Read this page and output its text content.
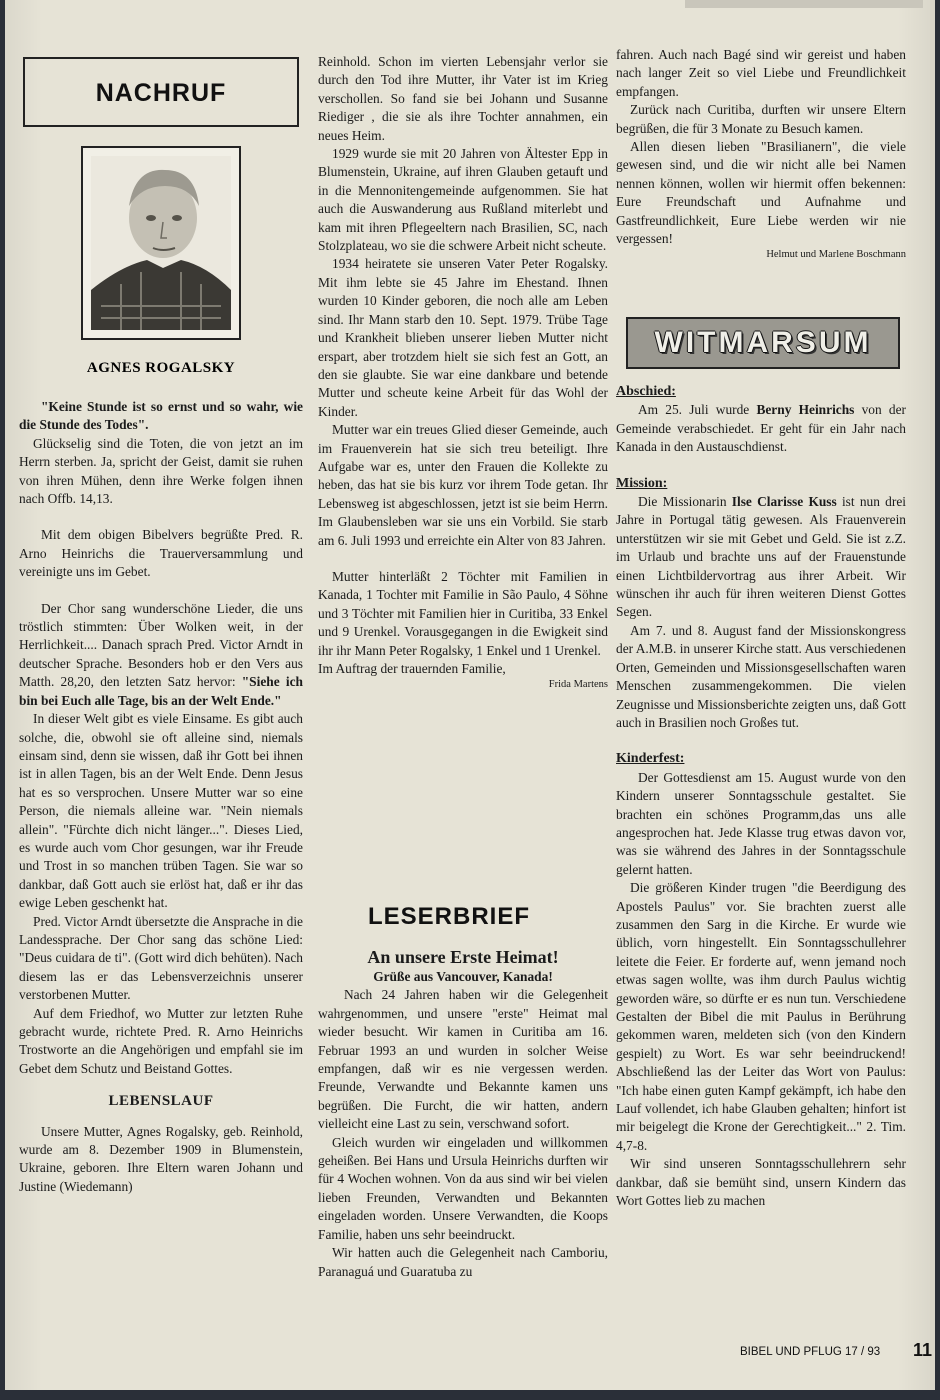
NACHRUF
AGNES ROGALSKY

"Keine Stunde ist so ernst und so wahr, wie die Stunde des Todes".

Glückselig sind die Toten, die von jetzt an im Herrn sterben. Ja, spricht der Geist, damit sie ruhen von ihren Mühen, denn ihre Werke folgen ihnen nach Offb. 14,13.

Mit dem obigen Bibelvers begrüßte Pred. R. Arno Heinrichs die Trauerversammlung und vereinigte uns im Gebet.

Der Chor sang wunderschöne Lieder, die uns tröstlich stimmten: Über Wolken weit, in der Herrlichkeit.... Danach sprach Pred. Victor Arndt in deutscher Sprache. Besonders hob er den Vers aus Matth. 28,20, den letzten Satz hervor: "Siehe ich bin bei Euch alle Tage, bis an der Welt Ende."

In dieser Welt gibt es viele Einsame. Es gibt auch solche, die, obwohl sie oft alleine sind, niemals einsam sind, denn sie wissen, daß ihr Gott bei ihnen ist in allen Tagen, bis an der Welt Ende. Denn Jesus hat es so versprochen. Unsere Mutter war so eine Person, die niemals alleine war. "Nein niemals allein". "Fürchte dich nicht länger...". Dieses Lied, es wurde auch vom Chor gesungen, war ihr Freude und Trost in so manchen trüben Tagen. Sie war so dankbar, daß Gott auch sie erlöst hat, daß er ihr das ewige Leben geschenkt hat.

Pred. Victor Arndt übersetzte die Ansprache in die Landessprache. Der Chor sang das schöne Lied: "Deus cuidara de ti". (Gott wird dich behüten). Nach diesem las er das Lebensverzeichnis unserer verstorbenen Mutter.

Auf dem Friedhof, wo Mutter zur letzten Ruhe gebracht wurde, richtete Pred. R. Arno Heinrichs Trostworte an die Angehörigen und empfahl sie im Gebet dem Schutz und Beistand Gottes.

LEBENSLAUF

Unsere Mutter, Agnes Rogalsky, geb. Reinhold, wurde am 8. Dezember 1909 in Blumenstein, Ukraine, geboren. Ihre Eltern waren Johann und Justine (Wiedemann)

Reinhold. Schon im vierten Lebensjahr verlor sie durch den Tod ihre Mutter, ihr Vater ist im Krieg verschollen. So fand sie bei Johann und Susanne Riediger , die sie als ihre Tochter annahmen, ein neues Heim.

1929 wurde sie mit 20 Jahren von Ältester Epp in Blumenstein, Ukraine, auf ihren Glauben getauft und in die Mennonitengemeinde aufgenommen. Sie hat auch die Auswanderung aus Rußland miterlebt und kam mit ihren Pflegeeltern nach Brasilien, SC, nach Stolzplateau, wo sie die schwere Arbeit nicht scheute.

1934 heiratete sie unseren Vater Peter Rogalsky. Mit ihm lebte sie 45 Jahre im Ehestand. Ihnen wurden 10 Kinder geboren, die noch alle am Leben sind. Ihr Mann starb den 10. Sept. 1979. Trübe Tage und Krankheit blieben unserer lieben Mutter nicht erspart, aber trotzdem hielt sie sich fest an Gott, an den sie glaubte. Sie war eine dankbare und betende Mutter und scheute keine Arbeit für das Wohl der Kinder.

Mutter war ein treues Glied dieser Gemeinde, auch im Frauenverein hat sie sich treu beteiligt. Ihre Aufgabe war es, unter den Frauen die Kollekte zu heben, das hat sie bis kurz vor ihrem Tode getan. Ihr Lebensweg ist abgeschlossen, jetzt ist sie beim Herrn. Im Glaubensleben war sie uns ein Vorbild. Sie starb am 6. Juli 1993 und erreichte ein Alter von 83 Jahren.

Mutter hinterläßt 2 Töchter mit Familien in Kanada, 1 Tochter mit Familie in São Paulo, 4 Söhne und 3 Töchter mit Familien hier in Curitiba, 33 Enkel und 9 Urenkel. Vorausgegangen in die Ewigkeit sind ihr ihr Mann Peter Rogalsky, 1 Enkel und 1 Urenkel.

Im Auftrag der trauernden Familie,

Frida Martens

LESERBRIEF

An unsere Erste Heimat!

Grüße aus Vancouver, Kanada!

Nach 24 Jahren haben wir die Gelegenheit wahrgenommen, und unsere "erste" Heimat mal wieder besucht. Wir kamen in Curitiba am 16. Februar 1993 an und wurden in solcher Weise empfangen, daß wir es nie vergessen werden. Freunde, Verwandte und Bekannte kamen uns begrüßen. Die Furcht, die wir hatten, andern vielleicht eine Last zu sein, verschwand sofort.

Gleich wurden wir eingeladen und willkommen geheißen. Bei Hans und Ursula Heinrichs durften wir für 4 Wochen wohnen. Von da aus sind wir bei vielen lieben Freunden, Verwandten und Bekannten eingeladen worden. Unsere Verwandten, die Koops Familie, haben uns sehr beeindruckt.

Wir hatten auch die Gelegenheit nach Camboriu, Paranaguá und Guaratuba zu

fahren. Auch nach Bagé sind wir gereist und haben nach langer Zeit so viel Liebe und Freundlichkeit empfangen.

Zurück nach Curitiba, durften wir unsere Eltern begrüßen, die für 3 Monate zu Besuch kamen.

Allen diesen lieben "Brasilianern", die viele gewesen sind, und die wir nicht alle bei Namen nennen können, wollen wir hiermit offen bekennen: Eure Freundschaft und Aufnahme und Gastfreundlichkeit, Eure Liebe werden wir nie vergessen!

Helmut und Marlene Boschmann

WITMARSUM

Abschied:

Am 25. Juli wurde Berny Heinrichs von der Gemeinde verabschiedet. Er geht für ein Jahr nach Kanada in den Austauschdienst.

Mission:

Die Missionarin Ilse Clarisse Kuss ist nun drei Jahre in Portugal tätig gewesen. Als Frauenverein unterstützen wir sie mit Gebet und Geld. Sie ist z.Z. im Urlaub und brachte uns auf der Frauenstunde einen Lichtbildervortrag aus ihrer Arbeit. Wir wünschen ihr auch für ihren weiteren Dienst Gottes Segen.

Am 7. und 8. August fand der Missionskongress der A.M.B. in unserer Kirche statt. Aus verschiedenen Orten, Gemeinden und Missionsgesellschaften waren Menschen zusammengekommen. Die vielen Zeugnisse und Missionsberichte zeigten uns, daß Gott auch in Brasilien noch Großes tut.

Kinderfest:

Der Gottesdienst am 15. August wurde von den Kindern unserer Sonntagsschule gestaltet. Sie brachten ein schönes Programm,das uns alle angesprochen hat. Jede Klasse trug etwas davon vor, was sie während des Jahres in der Sonntagsschule gelernt hatten.

Die größeren Kinder trugen "die Beerdigung des Apostels Paulus" vor. Sie brachten zuerst alle zusammen den Sarg in die Kirche. Er wurde wie üblich, vorn hingestellt. Ein Sonntagsschullehrer leitete die Feier. Er forderte auf, wenn jemand noch etwas sagen wollte, was ihm durch Paulus wichtig geworden wäre, so dürfte er es nun tun. Verschiedene Gestalten der Bibel die mit Paulus in Berührung gekommen waren, meldeten sich (von den Kindern gespielt) zu Wort. Es war sehr beeindruckend! Abschließend las der Leiter das Wort von Paulus: "Ich habe einen guten Kampf gekämpft, ich habe den Lauf vollendet, ich habe Glauben gehalten; hinfort ist mir beigelegt die Krone der Gerechtigkeit..." 2. Tim. 4,7-8.

Wir sind unseren Sonntagsschullehrern sehr dankbar, daß sie bemüht sind, unsern Kindern das Wort Gottes lieb zu machen

BIBEL UND PFLUG 17 / 93 11
